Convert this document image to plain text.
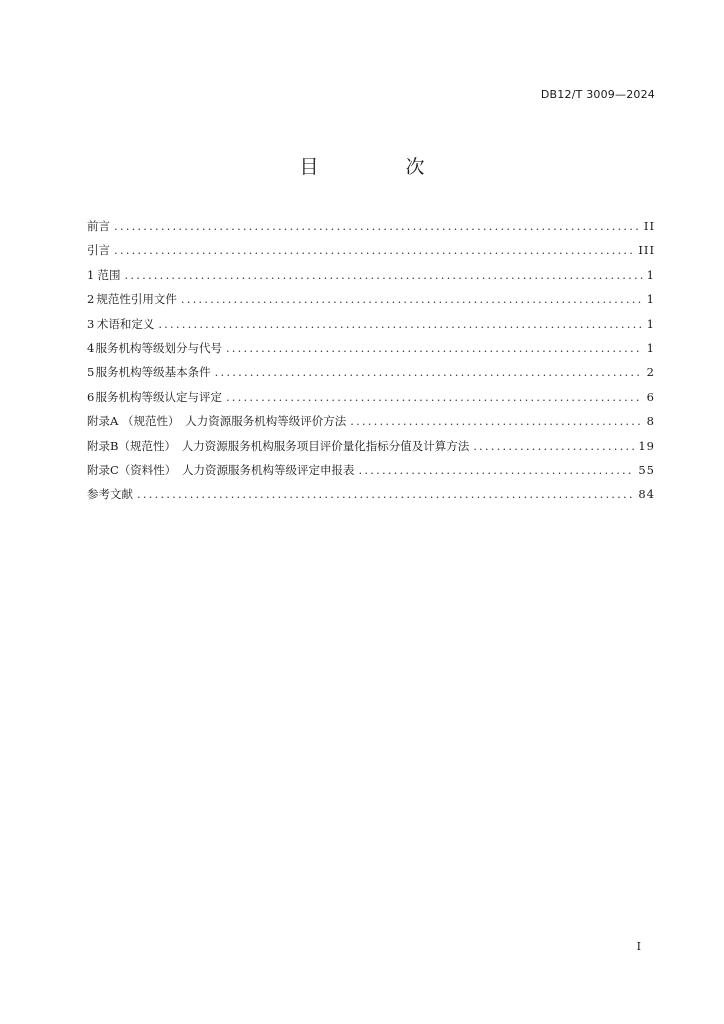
DB12/T 3009—2024
目　次
前言 .....	II
引言 .....	III
1 范围 .....	1
2 规范性引用文件 .....	1
3 术语和定义 .....	1
4 服务机构等级划分与代号 .....	1
5 服务机构等级基本条件 .....	2
6 服务机构等级认定与评定 .....	6
附录A （规范性）　人力资源服务机构等级评价方法 .....	8
附录B（规范性）　人力资源服务机构服务项目评价量化指标分值及计算方法 .....	19
附录C（资料性）　人力资源服务机构等级评定申报表 .....	55
参考文献 .....	84
I
